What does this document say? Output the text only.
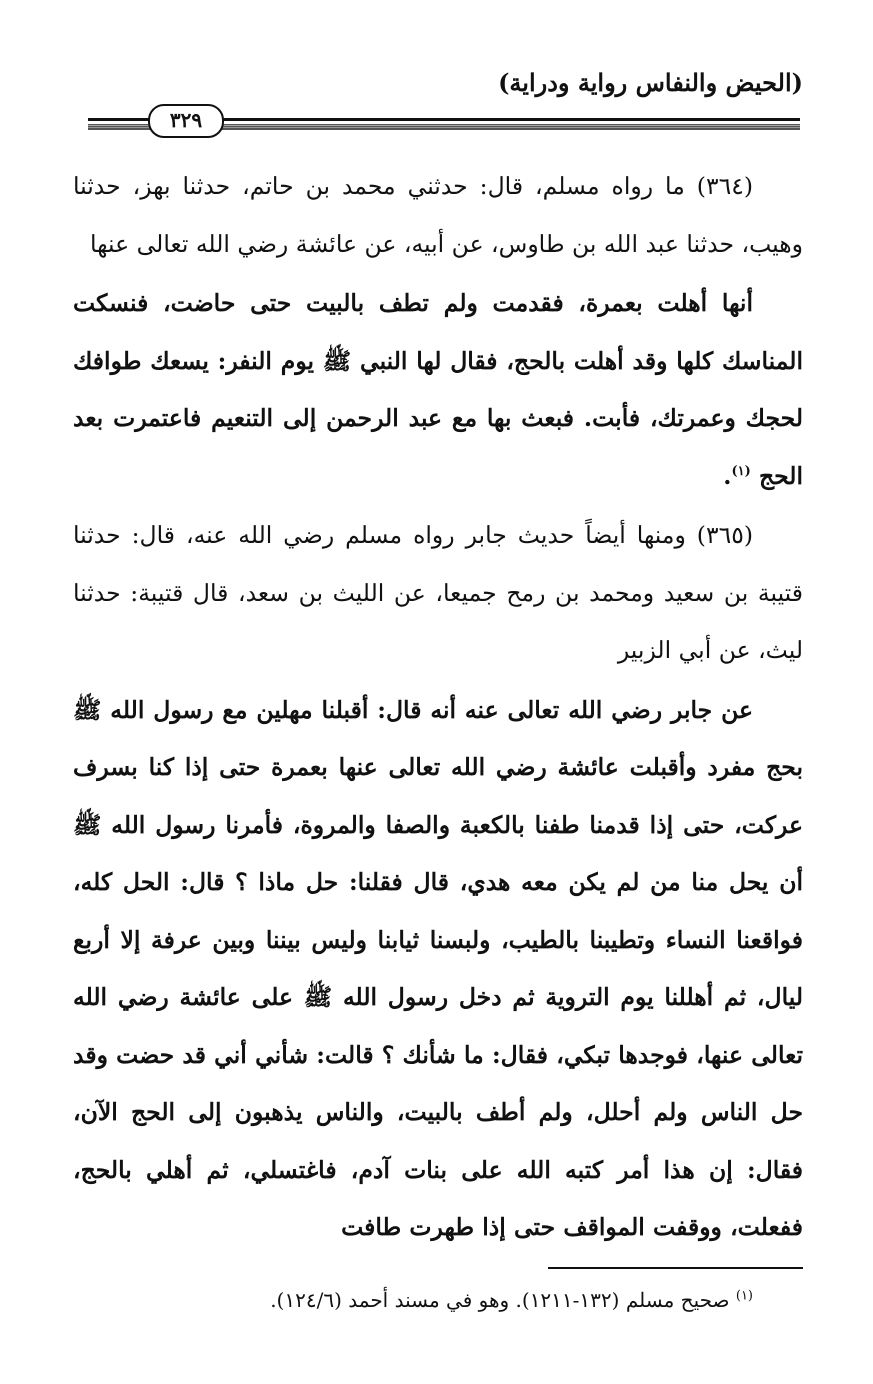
(الحيض والنفاس رواية ودراية)
٣٢٩

(٣٦٤) ما رواه مسلم، قال: حدثني محمد بن حاتم، حدثنا بهز، حدثنا وهيب، حدثنا عبد الله بن طاوس، عن أبيه، عن عائشة رضي الله تعالى عنها

أنها أهلت بعمرة، فقدمت ولم تطف بالبيت حتى حاضت، فنسكت المناسك كلها وقد أهلت بالحج، فقال لها النبي ﷺ يوم النفر: يسعك طوافك لحجك وعمرتك، فأبت. فبعث بها مع عبد الرحمن إلى التنعيم فاعتمرت بعد الحج $^{(١)}$.

(٣٦٥) ومنها أيضاً حديث جابر رواه مسلم رضي الله عنه، قال: حدثنا قتيبة بن سعيد ومحمد بن رمح جميعا، عن الليث بن سعد، قال قتيبة: حدثنا ليث، عن أبي الزبير

عن جابر رضي الله تعالى عنه أنه قال: أقبلنا مهلين مع رسول الله ﷺ بحج مفرد وأقبلت عائشة رضي الله تعالى عنها بعمرة حتى إذا كنا بسرف عركت، حتى إذا قدمنا طفنا بالكعبة والصفا والمروة، فأمرنا رسول الله ﷺ أن يحل منا من لم يكن معه هدي، قال فقلنا: حل ماذا ؟ قال: الحل كله، فواقعنا النساء وتطيبنا بالطيب، ولبسنا ثيابنا وليس بيننا وبين عرفة إلا أربع ليال، ثم أهللنا يوم التروية ثم دخل رسول الله ﷺ على عائشة رضي الله تعالى عنها، فوجدها تبكي، فقال: ما شأنك ؟ قالت: شأني أني قد حضت وقد حل الناس ولم أحلل، ولم أطف بالبيت، والناس يذهبون إلى الحج الآن، فقال: إن هذا أمر كتبه الله على بنات آدم، فاغتسلي، ثم أهلي بالحج، ففعلت، ووقفت المواقف حتى إذا طهرت طافت

$^{(١)}$ صحيح مسلم (١٣٢-١٢١١). وهو في مسند أحمد (١٢٤/٦).
